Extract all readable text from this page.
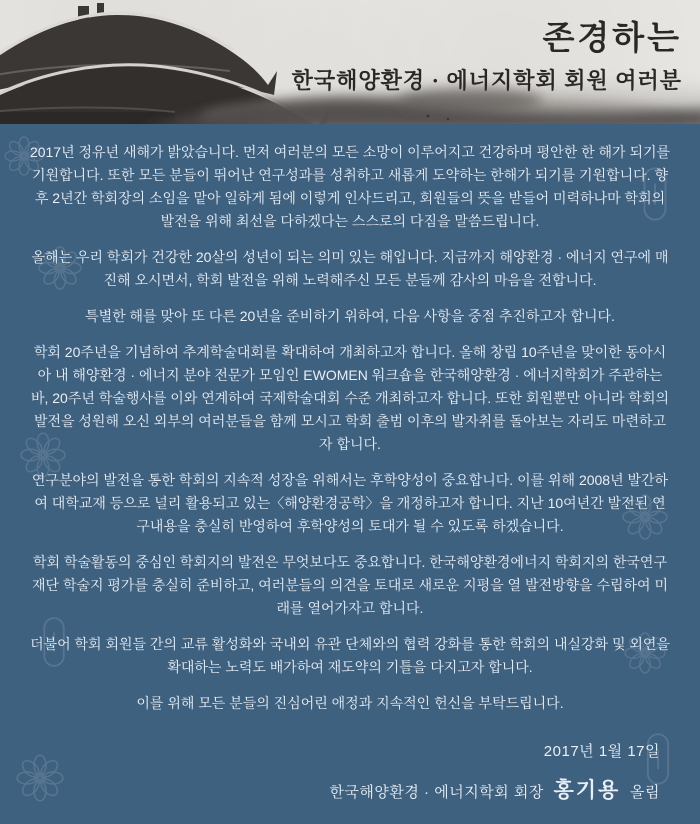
존경하는
한국해양환경 · 에너지학회 회원 여러분

2017년 정유년 새해가 밝았습니다. 먼저 여러분의 모든 소망이 이루어지고 건강하며 평안한 한 해가 되기를 기원합니다. 또한 모든 분들이 뛰어난 연구성과를 성취하고 새롭게 도약하는 한해가 되기를 기원합니다. 향후 2년간 학회장의 소임을 맡아 일하게 됨에 이렇게 인사드리고, 회원들의 뜻을 받들어 미력하나마 학회의 발전을 위해 최선을 다하겠다는 스스로의 다짐을 말씀드립니다.

올해는 우리 학회가 건강한 20살의 성년이 되는 의미 있는 해입니다. 지금까지 해양환경 · 에너지 연구에 매진해 오시면서, 학회 발전을 위해 노력해주신 모든 분들께 감사의 마음을 전합니다.

특별한 해를 맞아 또 다른 20년을 준비하기 위하여, 다음 사항을 중점 추진하고자 합니다.

학회 20주년을 기념하여 추계학술대회를 확대하여 개최하고자 합니다. 올해 창립 10주년을 맞이한 동아시아 내 해양환경 · 에너지 분야 전문가 모임인 EWOMEN 워크숍을 한국해양환경 · 에너지학회가 주관하는 바, 20주년 학술행사를 이와 연계하여 국제학술대회 수준 개최하고자 합니다. 또한 회원뿐만 아니라 학회의 발전을 성원해 오신 외부의 여러분들을 함께 모시고 학회 출범 이후의 발자취를 돌아보는 자리도 마련하고자 합니다.

연구분야의 발전을 통한 학회의 지속적 성장을 위해서는 후학양성이 중요합니다. 이를 위해 2008년 발간하여 대학교재 등으로 널리 활용되고 있는〈해양환경공학〉을 개정하고자 합니다. 지난 10여년간 발전된 연구내용을 충실히 반영하여 후학양성의 토대가 될 수 있도록 하겠습니다.

학회 학술활동의 중심인 학회지의 발전은 무엇보다도 중요합니다. 한국해양환경에너지 학회지의 한국연구재단 학술지 평가를 충실히 준비하고, 여러분들의 의견을 토대로 새로운 지평을 열 발전방향을 수립하여 미래를 열어가자고 합니다.

더불어 학회 회원들 간의 교류 활성화와 국내외 유관 단체와의 협력 강화를 통한 학회의 내실강화 및 외연을 확대하는 노력도 배가하여 재도약의 기틀을 다지고자 합니다.

이를 위해 모든 분들의 진심어린 애정과 지속적인 헌신을 부탁드립니다.

2017년 1월 17일
한국해양환경 · 에너지학회 회장 홍기용 올림
